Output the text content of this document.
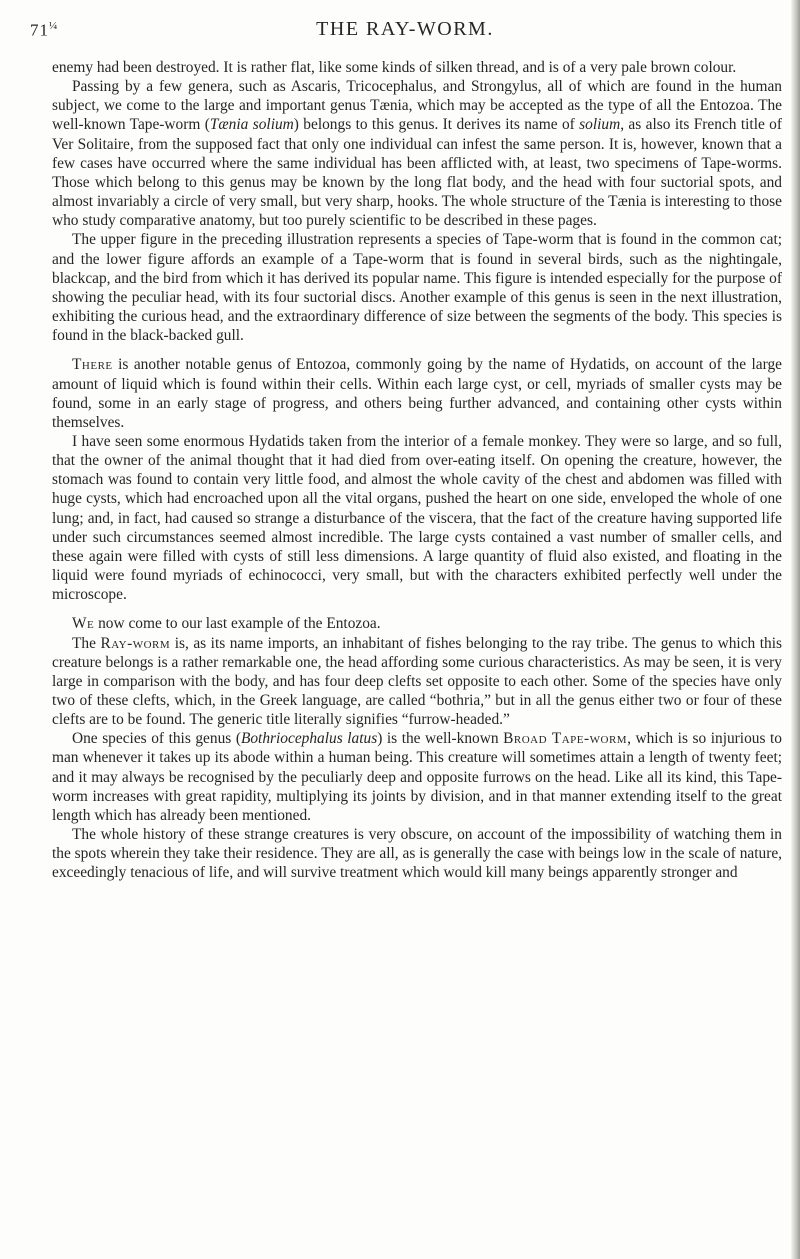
$71^{\frac{1}{4}}$	THE RAY-WORM.

enemy had been destroyed. It is rather flat, like some kinds of silken thread, and is of a very pale brown colour.

Passing by a few genera, such as Ascaris, Tricocephalus, and Strongylus, all of which are found in the human subject, we come to the large and important genus Tænia, which may be accepted as the type of all the Entozoa. The well-known Tape-worm (Tænia solium) belongs to this genus. It derives its name of solium, as also its French title of Ver Solitaire, from the supposed fact that only one individual can infest the same person. It is, however, known that a few cases have occurred where the same individual has been afflicted with, at least, two specimens of Tape-worms. Those which belong to this genus may be known by the long flat body, and the head with four suctorial spots, and almost invariably a circle of very small, but very sharp, hooks. The whole structure of the Tænia is interesting to those who study comparative anatomy, but too purely scientific to be described in these pages.

The upper figure in the preceding illustration represents a species of Tape-worm that is found in the common cat; and the lower figure affords an example of a Tape-worm that is found in several birds, such as the nightingale, blackcap, and the bird from which it has derived its popular name. This figure is intended especially for the purpose of showing the peculiar head, with its four suctorial discs. Another example of this genus is seen in the next illustration, exhibiting the curious head, and the extraordinary difference of size between the segments of the body. This species is found in the black-backed gull.

There is another notable genus of Entozoa, commonly going by the name of Hydatids, on account of the large amount of liquid which is found within their cells. Within each large cyst, or cell, myriads of smaller cysts may be found, some in an early stage of progress, and others being further advanced, and containing other cysts within themselves.

I have seen some enormous Hydatids taken from the interior of a female monkey. They were so large, and so full, that the owner of the animal thought that it had died from over-eating itself. On opening the creature, however, the stomach was found to contain very little food, and almost the whole cavity of the chest and abdomen was filled with huge cysts, which had encroached upon all the vital organs, pushed the heart on one side, enveloped the whole of one lung; and, in fact, had caused so strange a disturbance of the viscera, that the fact of the creature having supported life under such circumstances seemed almost incredible. The large cysts contained a vast number of smaller cells, and these again were filled with cysts of still less dimensions. A large quantity of fluid also existed, and floating in the liquid were found myriads of echinococci, very small, but with the characters exhibited perfectly well under the microscope.

We now come to our last example of the Entozoa.

The Ray-worm is, as its name imports, an inhabitant of fishes belonging to the ray tribe. The genus to which this creature belongs is a rather remarkable one, the head affording some curious characteristics. As may be seen, it is very large in comparison with the body, and has four deep clefts set opposite to each other. Some of the species have only two of these clefts, which, in the Greek language, are called “bothria,” but in all the genus either two or four of these clefts are to be found. The generic title literally signifies “furrow-headed.”

One species of this genus (Bothriocephalus latus) is the well-known Broad Tape-worm, which is so injurious to man whenever it takes up its abode within a human being. This creature will sometimes attain a length of twenty feet; and it may always be recognised by the peculiarly deep and opposite furrows on the head. Like all its kind, this Tape-worm increases with great rapidity, multiplying its joints by division, and in that manner extending itself to the great length which has already been mentioned.

The whole history of these strange creatures is very obscure, on account of the impossibility of watching them in the spots wherein they take their residence. They are all, as is generally the case with beings low in the scale of nature, exceedingly tenacious of life, and will survive treatment which would kill many beings apparently stronger and
